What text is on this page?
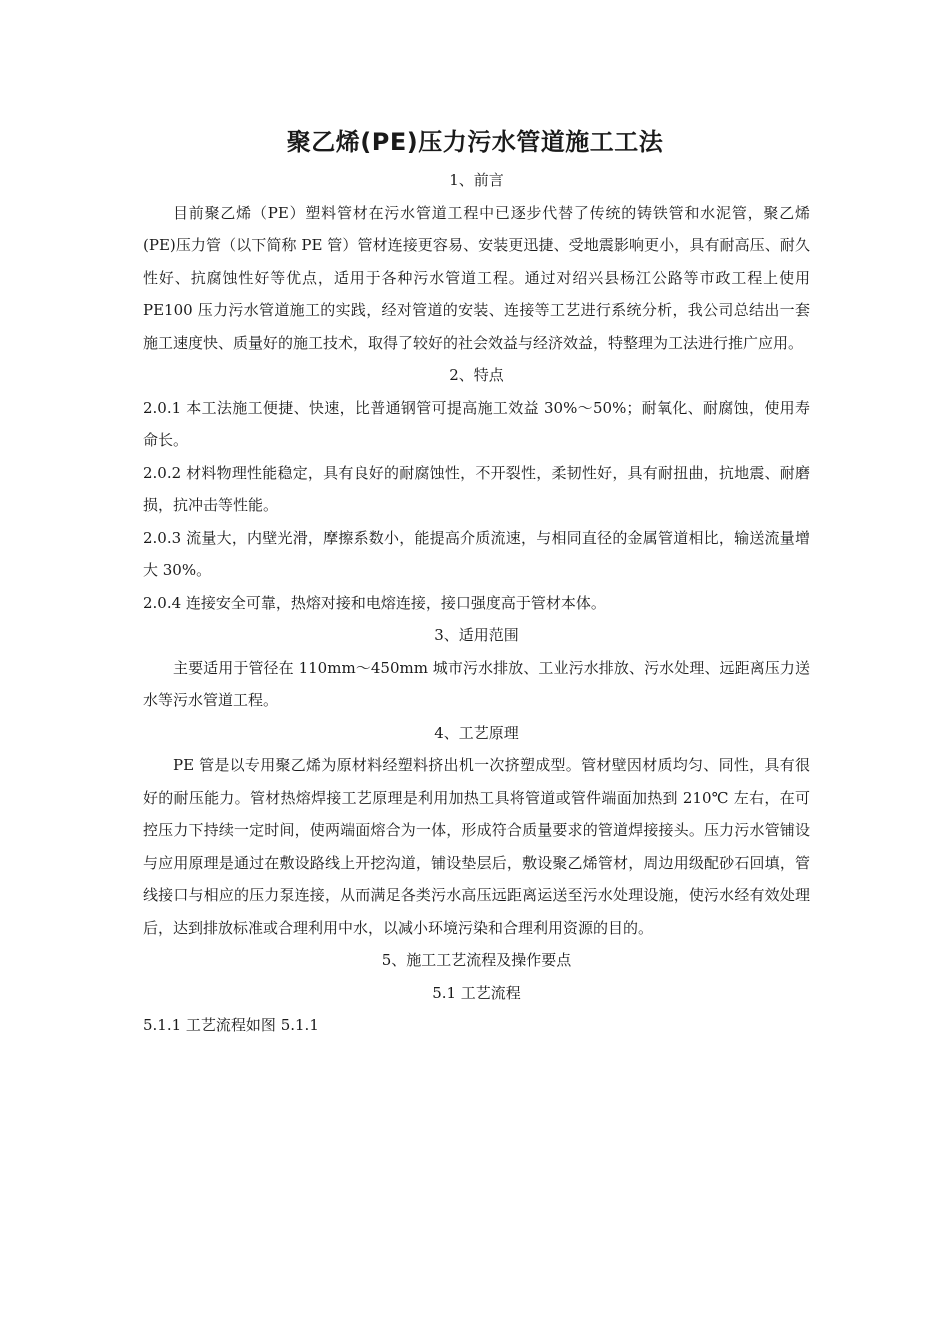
聚乙烯(PE)压力污水管道施工工法

1、前言

目前聚乙烯（PE）塑料管材在污水管道工程中已逐步代替了传统的铸铁管和水泥管，聚乙烯(PE)压力管（以下简称 PE 管）管材连接更容易、安装更迅捷、受地震影响更小，具有耐高压、耐久性好、抗腐蚀性好等优点，适用于各种污水管道工程。通过对绍兴县杨江公路等市政工程上使用 PE100 压力污水管道施工的实践，经对管道的安装、连接等工艺进行系统分析，我公司总结出一套施工速度快、质量好的施工技术，取得了较好的社会效益与经济效益，特整理为工法进行推广应用。

2、特点

2.0.1 本工法施工便捷、快速，比普通钢管可提高施工效益 30%～50%；耐氧化、耐腐蚀，使用寿命长。

2.0.2 材料物理性能稳定，具有良好的耐腐蚀性，不开裂性，柔韧性好，具有耐扭曲，抗地震、耐磨损，抗冲击等性能。

2.0.3 流量大，内壁光滑，摩擦系数小，能提高介质流速，与相同直径的金属管道相比，输送流量增大 30%。

2.0.4 连接安全可靠，热熔对接和电熔连接，接口强度高于管材本体。

3、适用范围

主要适用于管径在 110mm～450mm 城市污水排放、工业污水排放、污水处理、远距离压力送水等污水管道工程。

4、工艺原理

PE 管是以专用聚乙烯为原材料经塑料挤出机一次挤塑成型。管材壁因材质均匀、同性，具有很好的耐压能力。管材热熔焊接工艺原理是利用加热工具将管道或管件端面加热到 210℃ 左右，在可控压力下持续一定时间，使两端面熔合为一体，形成符合质量要求的管道焊接接头。压力污水管铺设与应用原理是通过在敷设路线上开挖沟道，铺设垫层后，敷设聚乙烯管材，周边用级配砂石回填，管线接口与相应的压力泵连接，从而满足各类污水高压远距离运送至污水处理设施，使污水经有效处理后，达到排放标准或合理利用中水，以减小环境污染和合理利用资源的目的。

5、施工工艺流程及操作要点

5.1 工艺流程

5.1.1 工艺流程如图 5.1.1
